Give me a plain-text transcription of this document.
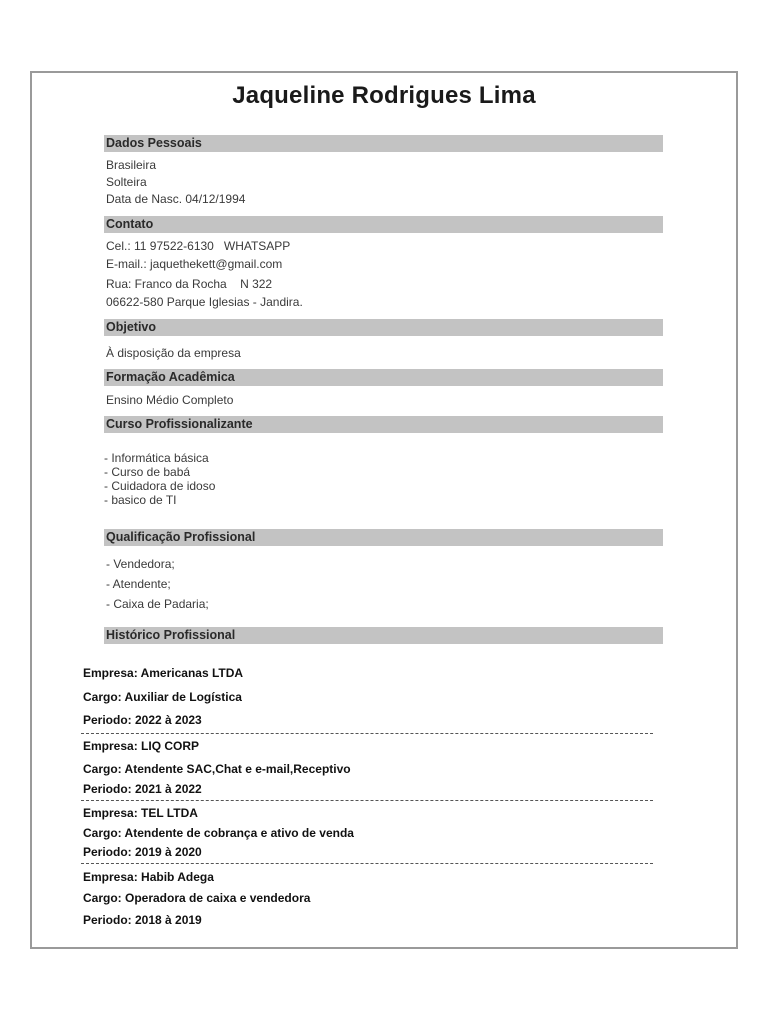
Jaqueline Rodrigues Lima
Dados Pessoais
Brasileira
Solteira
Data de Nasc. 04/12/1994
Contato
Cel.: 11 97522-6130   WHATSAPP
E-mail.: jaquethekett@gmail.com
Rua: Franco da Rocha    N 322
06622-580 Parque Iglesias - Jandira.
Objetivo
À disposição da empresa
Formação Acadêmica
Ensino Médio Completo
Curso Profissionalizante
- Informática básica
- Curso de babá
- Cuidadora de idoso
- basico de TI
Qualificação Profissional
- Vendedora;
- Atendente;
- Caixa de Padaria;
Histórico Profissional
Empresa: Americanas LTDA
Cargo: Auxiliar de Logística
Periodo: 2022 à 2023
Empresa: LIQ CORP
Cargo: Atendente SAC,Chat e e-mail,Receptivo
Periodo: 2021 à 2022
Empresa: TEL LTDA
Cargo: Atendente de cobrança e ativo de venda
Periodo: 2019 à 2020
Empresa: Habib Adega
Cargo: Operadora de caixa e vendedora
Periodo: 2018 à 2019
